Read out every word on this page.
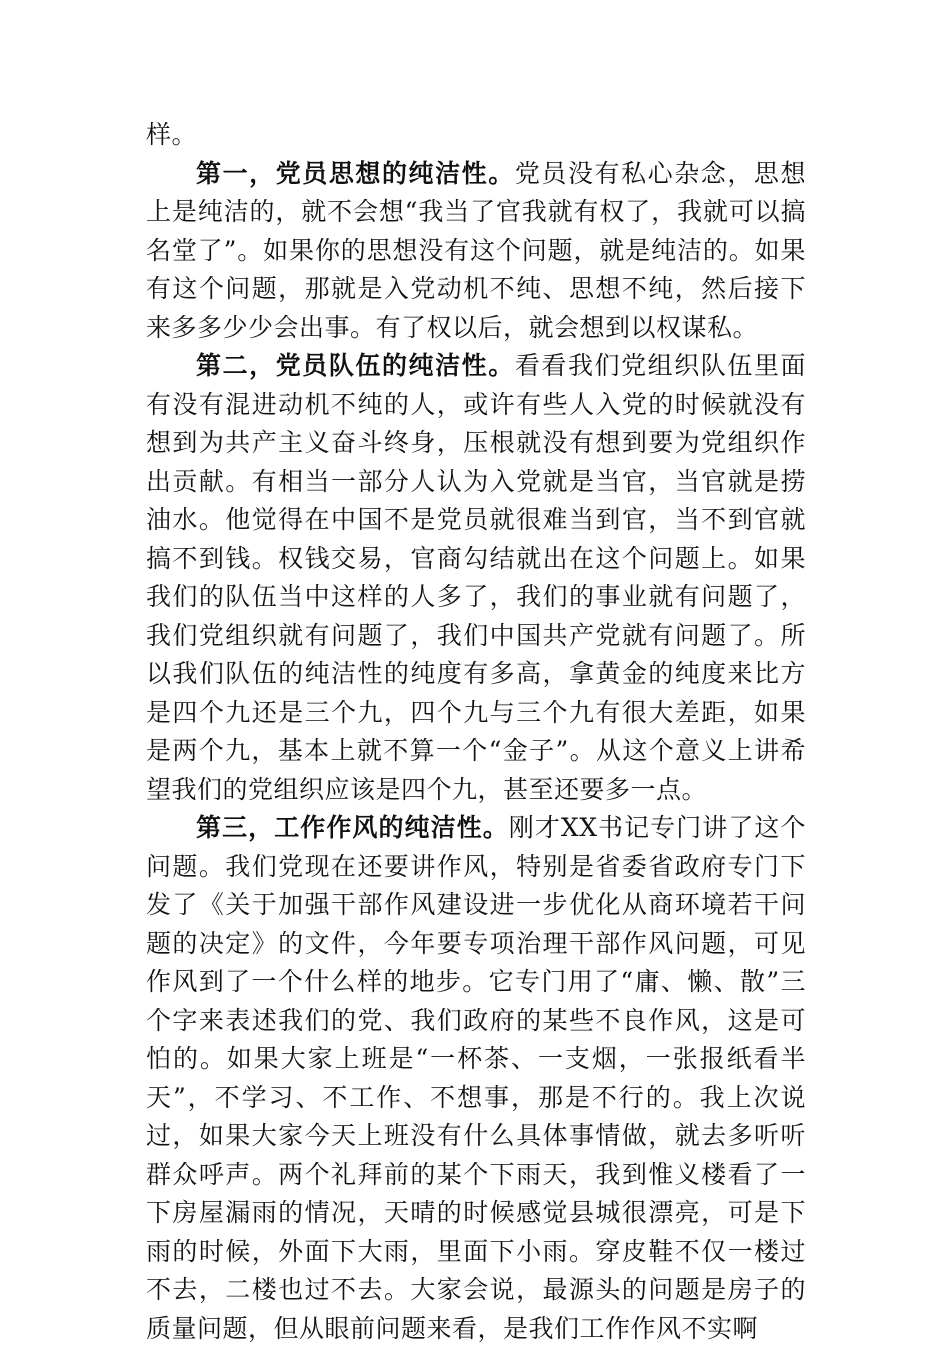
样。

第一，党员思想的纯洁性。党员没有私心杂念，思想上是纯洁的，就不会想“我当了官我就有权了，我就可以搞名堂了”。如果你的思想没有这个问题，就是纯洁的。如果有这个问题，那就是入党动机不纯、思想不纯，然后接下来多多少少会出事。有了权以后，就会想到以权谋私。

第二，党员队伍的纯洁性。看看我们党组织队伍里面有没有混进动机不纯的人，或许有些人入党的时候就没有想到为共产主义奋斗终身，压根就没有想到要为党组织作出贡献。有相当一部分人认为入党就是当官，当官就是捞油水。他觉得在中国不是党员就很难当到官，当不到官就搞不到钱。权钱交易，官商勾结就出在这个问题上。如果我们的队伍当中这样的人多了，我们的事业就有问题了，我们党组织就有问题了，我们中国共产党就有问题了。所以我们队伍的纯洁性的纯度有多高，拿黄金的纯度来比方是四个九还是三个九，四个九与三个九有很大差距，如果是两个九，基本上就不算一个“金子”。从这个意义上讲希望我们的党组织应该是四个九，甚至还要多一点。

第三，工作作风的纯洁性。刚才XX书记专门讲了这个问题。我们党现在还要讲作风，特别是省委省政府专门下发了《关于加强干部作风建设进一步优化从商环境若干问题的决定》的文件，今年要专项治理干部作风问题，可见作风到了一个什么样的地步。它专门用了“庸、懒、散”三个字来表述我们的党、我们政府的某些不良作风，这是可怕的。如果大家上班是“一杯茶、一支烟，一张报纸看半天”，不学习、不工作、不想事，那是不行的。我上次说过，如果大家今天上班没有什么具体事情做，就去多听听群众呼声。两个礼拜前的某个下雨天，我到惟义楼看了一下房屋漏雨的情况，天晴的时候感觉县城很漂亮，可是下雨的时候，外面下大雨，里面下小雨。穿皮鞋不仅一楼过不去，二楼也过不去。大家会说，最源头的问题是房子的质量问题，但从眼前问题来看，是我们工作作风不实啊
